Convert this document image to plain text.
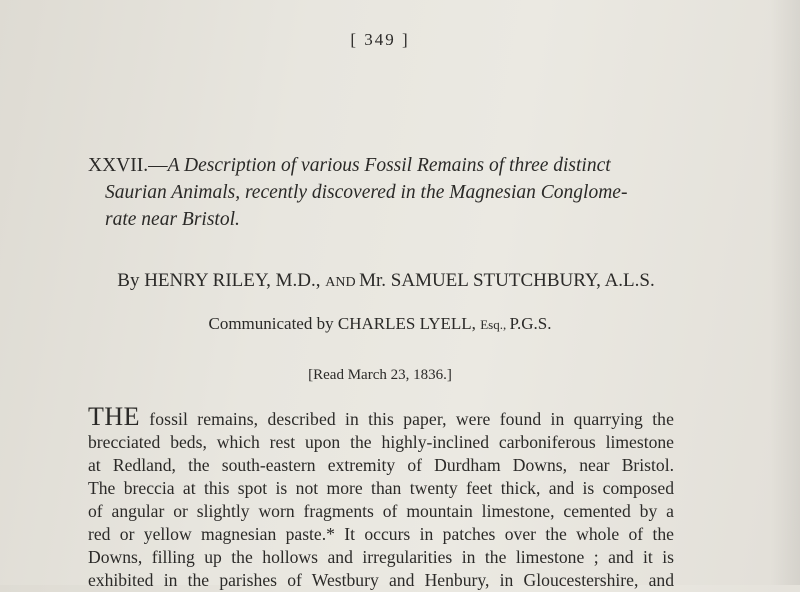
[ 349 ]
XXVII.—A Description of various Fossil Remains of three distinct
Saurian Animals, recently discovered in the Magnesian Conglome-
rate near Bristol.
By HENRY RILEY, M.D., AND Mr. SAMUEL STUTCHBURY, A.L.S.
Communicated by CHARLES LYELL, Esq., P.G.S.
[Read March 23, 1836.]
THE fossil remains, described in this paper, were found in quarrying the
brecciated beds, which rest upon the highly-inclined carboniferous limestone
at Redland, the south-eastern extremity of Durdham Downs, near Bristol.
The breccia at this spot is not more than twenty feet thick, and is composed
of angular or slightly worn fragments of mountain limestone, cemented by a
red or yellow magnesian paste.* It occurs in patches over the whole of the
Downs, filling up the hollows and irregularities in the limestone ; and it is
exhibited in the parishes of Westbury and Henbury, in Gloucestershire, and
